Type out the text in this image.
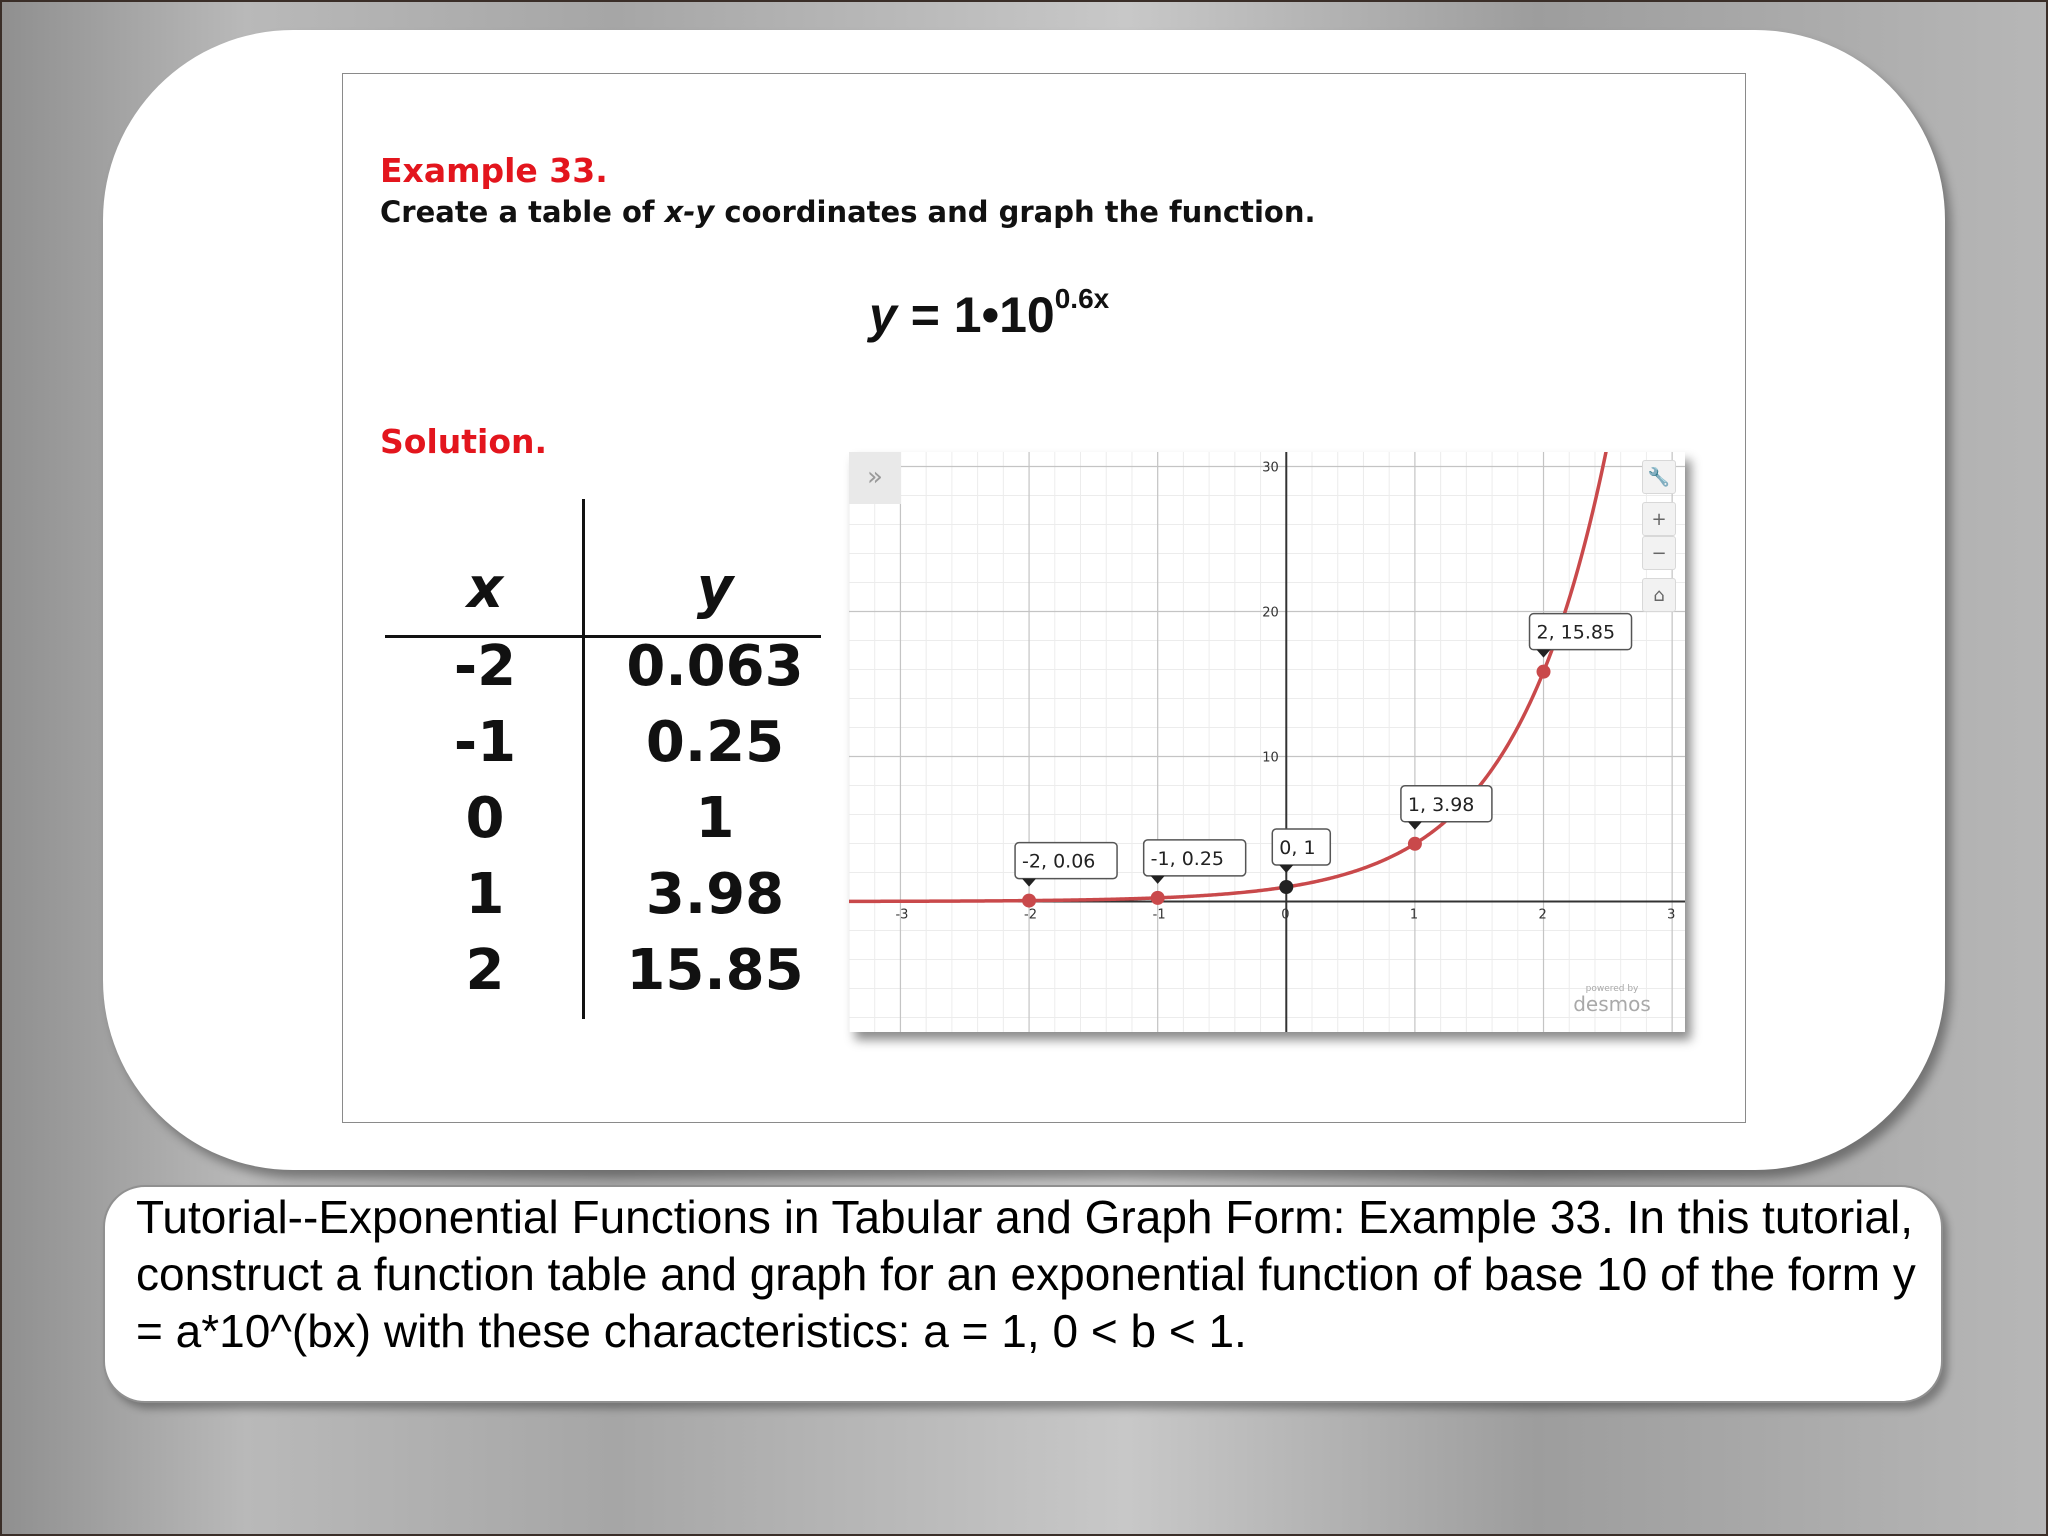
Example 33.

Create a table of x-y coordinates and graph the function.

$y = 1•10^{0.6x}$
Solution.
x	y
-2	0.063
-1	0.25
0	1
1	3.98
2	15.85
-3	-2	-1	0	1	2	3
10
20
30
-2, 0.06	-1, 0.25	0, 1
1, 3.98
2, 15.85
»	🔧
+
−
⌂
powered by
desmos

Tutorial--Exponential Functions in Tabular and Graph Form: Example 33. In this tutorial, construct a function table and graph for an exponential function of base 10 of the form y = a*10^(bx) with these characteristics: a = 1, 0 < b < 1.
